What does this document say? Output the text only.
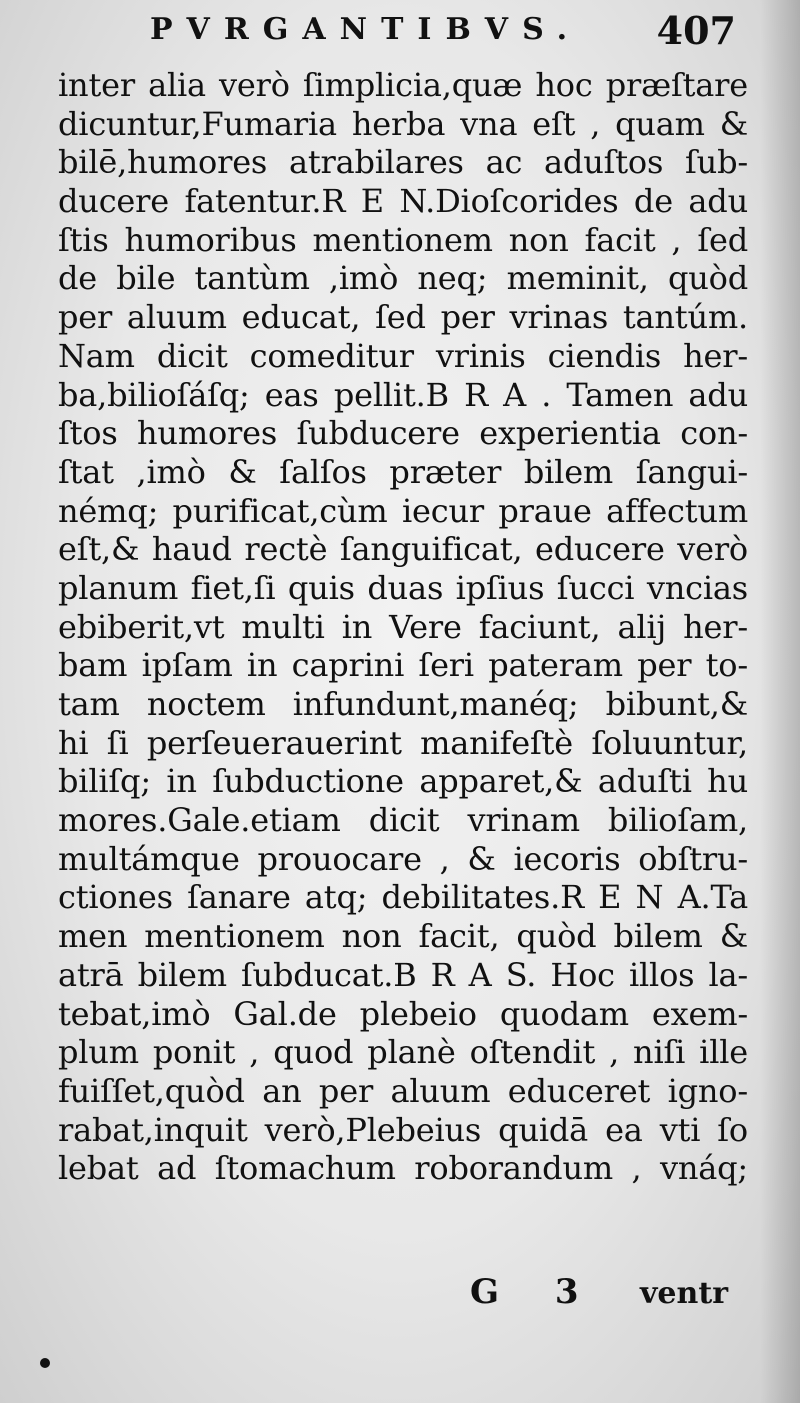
PVRGANTIBVS. 407
inter alia verò ſimplicia,quæ hoc præſtare
dicuntur,Fumaria herba vna eſt , quam &
bilē,humores atrabilares ac aduſtos ſub-
ducere fatentur.R E N.Dioſcorides de adu
ſtis humoribus mentionem non facit , ſed
de bile tantùm ,imò neq; meminit, quòd
per aluum educat, ſed per vrinas tantúm.
Nam dicit comeditur vrinis ciendis her-
ba,bilioſáſq; eas pellit.B R A . Tamen adu
ſtos humores ſubducere experientia con-
ſtat ,imò & ſalſos præter bilem ſangui-
némq; purificat,cùm iecur praue affectum
eſt,& haud rectè ſanguificat, educere verò
planum fiet,ſi quis duas ipſius ſucci vncias
ebiberit,vt multi in Vere faciunt, alij her-
bam ipſam in caprini ſeri pateram per to-
tam noctem infundunt,manéq; bibunt,&
hi ſi perſeuerauerint manifeſtè ſoluuntur,
biliſq; in ſubductione apparet,& aduſti hu
mores.Gale.etiam dicit vrinam bilioſam,
multámque prouocare , & iecoris obſtru-
ctiones ſanare atq; debilitates.R E N A.Ta
men mentionem non facit, quòd bilem &
atrā bilem ſubducat.B R A S. Hoc illos la-
tebat,imò Gal.de plebeio quodam exem-
plum ponit , quod planè oſtendit , niſi ille
fuiſſet,quòd an per aluum educeret igno-
rabat,inquit verò,Plebeius quidā ea vti ſo
lebat ad ſtomachum roborandum , vnáq;
G 3 ventr
